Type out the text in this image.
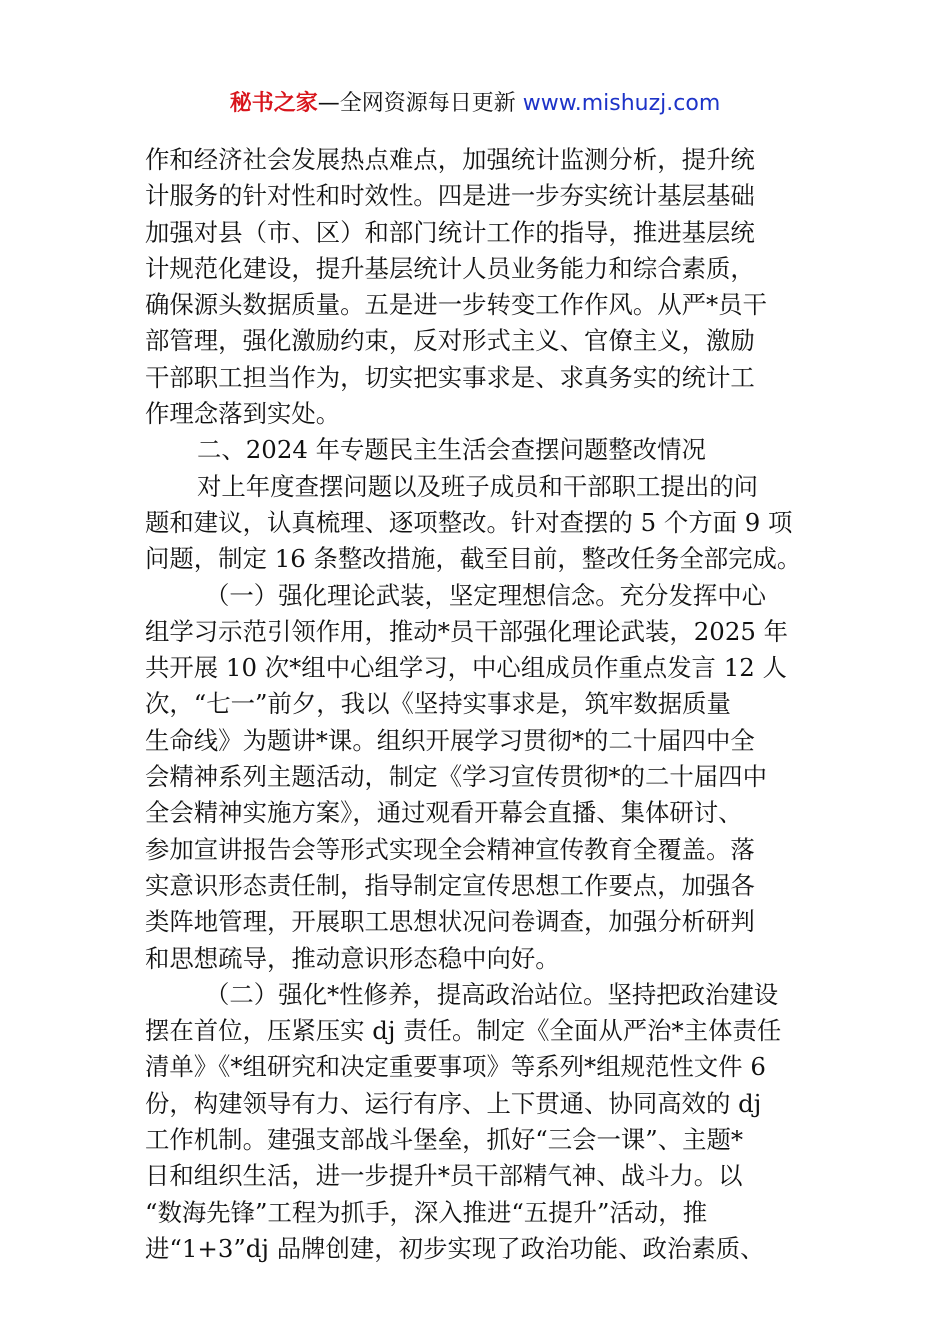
秘书之家—全网资源每日更新 www.mishuzj.com
作和经济社会发展热点难点，加强统计监测分析，提升统
计服务的针对性和时效性。四是进一步夯实统计基层基础
加强对县（市、区）和部门统计工作的指导，推进基层统
计规范化建设，提升基层统计人员业务能力和综合素质，
确保源头数据质量。五是进一步转变工作作风。从严*员干
部管理，强化激励约束，反对形式主义、官僚主义，激励
干部职工担当作为，切实把实事求是、求真务实的统计工
作理念落到实处。
二、2024 年专题民主生活会查摆问题整改情况
对上年度查摆问题以及班子成员和干部职工提出的问
题和建议，认真梳理、逐项整改。针对查摆的 5 个方面 9 项
问题，制定 16 条整改措施，截至目前，整改任务全部完成。
（一）强化理论武装，坚定理想信念。充分发挥中心
组学习示范引领作用，推动*员干部强化理论武装，2025 年
共开展 10 次*组中心组学习，中心组成员作重点发言 12 人
次，“七一”前夕，我以《坚持实事求是，筑牢数据质量
生命线》为题讲*课。组织开展学习贯彻*的二十届四中全
会精神系列主题活动，制定《学习宣传贯彻*的二十届四中
全会精神实施方案》，通过观看开幕会直播、集体研讨、
参加宣讲报告会等形式实现全会精神宣传教育全覆盖。落
实意识形态责任制，指导制定宣传思想工作要点，加强各
类阵地管理，开展职工思想状况问卷调查，加强分析研判
和思想疏导，推动意识形态稳中向好。
（二）强化*性修养，提高政治站位。坚持把政治建设
摆在首位，压紧压实 dj 责任。制定《全面从严治*主体责任
清单》《*组研究和决定重要事项》等系列*组规范性文件 6
份，构建领导有力、运行有序、上下贯通、协同高效的 dj
工作机制。建强支部战斗堡垒，抓好“三会一课”、主题*
日和组织生活，进一步提升*员干部精气神、战斗力。以
“数海先锋”工程为抓手，深入推进“五提升”活动，推
进“1+3”dj 品牌创建，初步实现了政治功能、政治素质、
